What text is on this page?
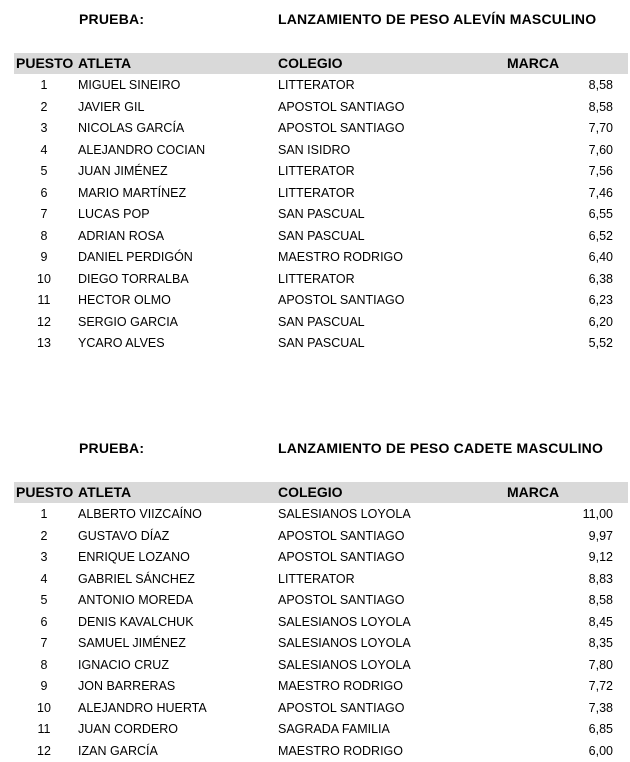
PRUEBA:	LANZAMIENTO DE PESO ALEVÍN MASCULINO
PUESTO ATLETA	COLEGIO	MARCA
1	MIGUEL SINEIRO	LITTERATOR	8,58
2	JAVIER GIL	APOSTOL SANTIAGO	8,58
3	NICOLAS GARCÍA	APOSTOL SANTIAGO	7,70
4	ALEJANDRO COCIAN	SAN ISIDRO	7,60
5	JUAN JIMÉNEZ	LITTERATOR	7,56
6	MARIO MARTÍNEZ	LITTERATOR	7,46
7	LUCAS POP	SAN PASCUAL	6,55
8	ADRIAN ROSA	SAN PASCUAL	6,52
9	DANIEL PERDIGÓN	MAESTRO RODRIGO	6,40
10	DIEGO TORRALBA	LITTERATOR	6,38
11	HECTOR OLMO	APOSTOL SANTIAGO	6,23
12	SERGIO GARCIA	SAN PASCUAL	6,20
13	YCARO ALVES	SAN PASCUAL	5,52
PRUEBA:	LANZAMIENTO DE PESO CADETE MASCULINO
PUESTO ATLETA	COLEGIO	MARCA
1	ALBERTO VIIZCAÍNO	SALESIANOS LOYOLA	11,00
2	GUSTAVO DÍAZ	APOSTOL SANTIAGO	9,97
3	ENRIQUE LOZANO	APOSTOL SANTIAGO	9,12
4	GABRIEL SÁNCHEZ	LITTERATOR	8,83
5	ANTONIO MOREDA	APOSTOL SANTIAGO	8,58
6	DENIS KAVALCHUK	SALESIANOS LOYOLA	8,45
7	SAMUEL JIMÉNEZ	SALESIANOS LOYOLA	8,35
8	IGNACIO CRUZ	SALESIANOS LOYOLA	7,80
9	JON BARRERAS	MAESTRO RODRIGO	7,72
10	ALEJANDRO HUERTA	APOSTOL SANTIAGO	7,38
11	JUAN CORDERO	SAGRADA FAMILIA	6,85
12	IZAN GARCÍA	MAESTRO RODRIGO	6,00
